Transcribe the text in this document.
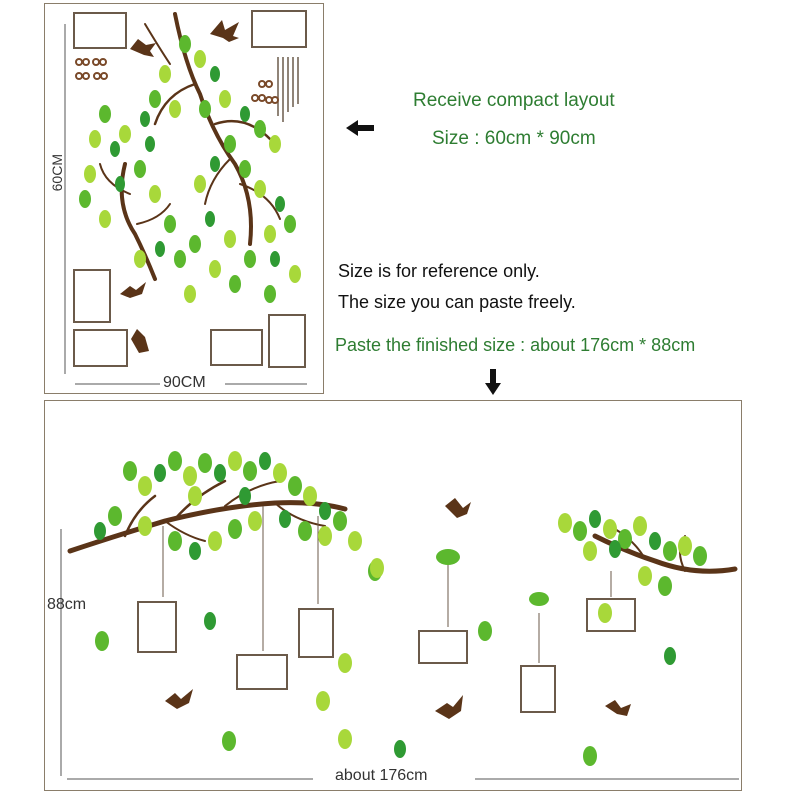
60CM
90CM
Receive compact layout
Size : 60cm * 90cm
Size is for reference only.
The size you can paste freely.
Paste the finished size : about 176cm * 88cm
88cm
about 176cm
